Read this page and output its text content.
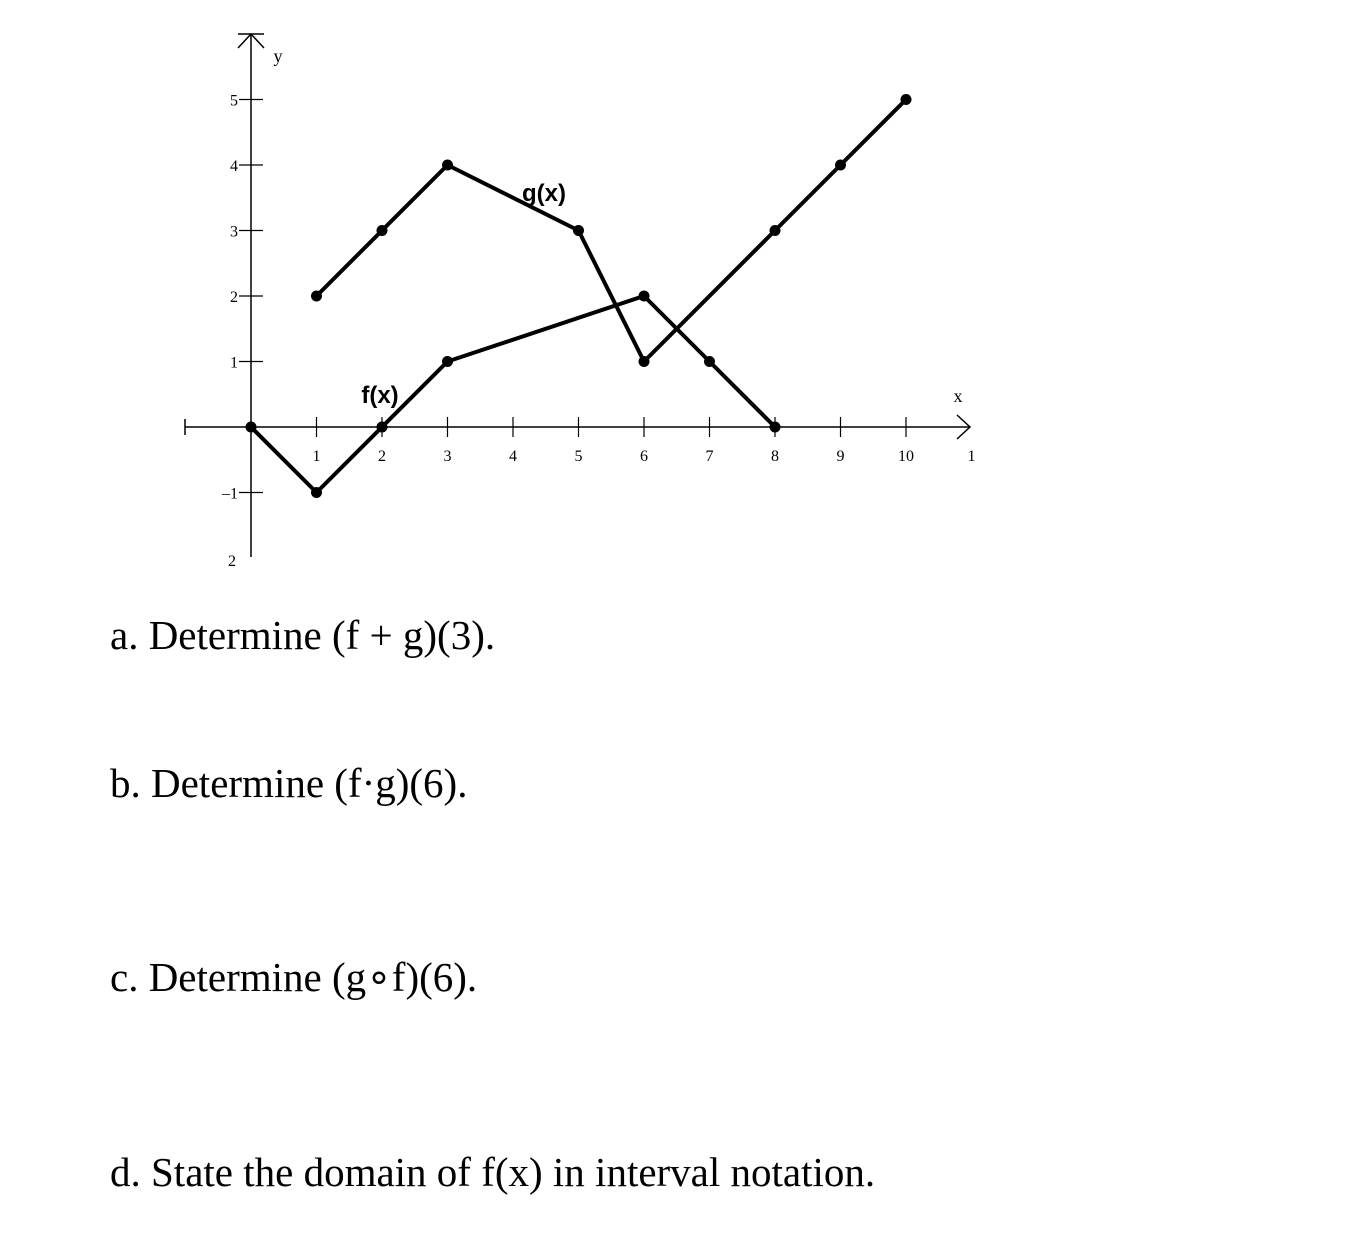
1	2	3	4	5	6	7	8	9	10	1
5
4
3
2
1
–1
2
x
y
f(x)
g(x)
a. Determine (f + g)(3).
b. Determine (f·g)(6).
c. Determine (g∘f)(6).
d. State the domain of f(x) in interval notation.
